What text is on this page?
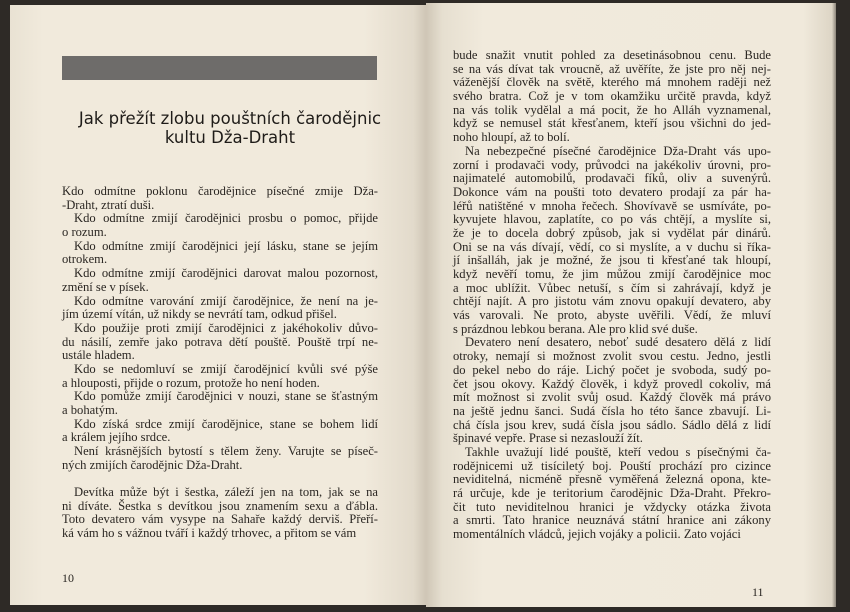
Jak přežít zlobu pouštních čarodějnic
kultu Dža-Draht
Kdo odmítne poklonu čarodějnice písečné zmije Dža-
-Draht, ztratí duši.
Kdo odmítne zmijí čarodějnici prosbu o pomoc, přijde
o rozum.
Kdo odmítne zmijí čarodějnici její lásku, stane se jejím
otrokem.
Kdo odmítne zmijí čarodějnici darovat malou pozornost,
změní se v písek.
Kdo odmítne varování zmijí čarodějnice, že není na je-
jím území vítán, už nikdy se nevrátí tam, odkud přišel.
Kdo použije proti zmijí čarodějnici z jakéhokoliv důvo-
du násilí, zemře jako potrava dětí pouště. Pouště trpí ne-
ustále hladem.
Kdo se nedomluví se zmijí čarodějnicí kvůli své pýše
a hlouposti, přijde o rozum, protože ho není hoden.
Kdo pomůže zmijí čarodějnici v nouzi, stane se šťastným
a bohatým.
Kdo získá srdce zmijí čarodějnice, stane se bohem lidí
a králem jejího srdce.
Není krásnějších bytostí s tělem ženy. Varujte se píseč-
ných zmijích čarodějnic Dža-Draht.
Devítka může být i šestka, záleží jen na tom, jak se na
ni díváte. Šestka s devítkou jsou znamením sexu a ďábla.
Toto devatero vám vysype na Sahaře každý derviš. Přeří-
ká vám ho s vážnou tváří i každý trhovec, a přitom se vám
10
bude snažit vnutit pohled za desetinásobnou cenu. Bude
se na vás dívat tak vroucně, až uvěříte, že jste pro něj nej-
váženější člověk na světě, kterého má mnohem raději než
svého bratra. Což je v tom okamžiku určitě pravda, když
na vás tolik vydělal a má pocit, že ho Alláh vyznamenal,
když se nemusel stát křesťanem, kteří jsou všichni do jed-
noho hloupí, až to bolí.
Na nebezpečné písečné čarodějnice Dža-Draht vás upo-
zorní i prodavači vody, průvodci na jakékoliv úrovni, pro-
najimatelé automobilů, prodavači fíků, oliv a suvenýrů.
Dokonce vám na poušti toto devatero prodají za pár ha-
léřů natištěné v mnoha řečech. Shovívavě se usmíváte, po-
kyvujete hlavou, zaplatíte, co po vás chtějí, a myslíte si,
že je to docela dobrý způsob, jak si vydělat pár dinárů.
Oni se na vás dívají, vědí, co si myslíte, a v duchu si říka-
jí inšalláh, jak je možné, že jsou ti křesťané tak hloupí,
když nevěří tomu, že jim můžou zmijí čarodějnice moc
a moc ublížit. Vůbec netuší, s čím si zahrávají, když je
chtějí najít. A pro jistotu vám znovu opakují devatero, aby
vás varovali. Ne proto, abyste uvěřili. Vědí, že mluví
s prázdnou lebkou berana. Ale pro klid své duše.
Devatero není desatero, neboť sudé desatero dělá z lidí
otroky, nemají si možnost zvolit svou cestu. Jedno, jestli
do pekel nebo do ráje. Lichý počet je svoboda, sudý po-
čet jsou okovy. Každý člověk, i když provedl cokoliv, má
mít možnost si zvolit svůj osud. Každý člověk má právo
na ještě jednu šanci. Sudá čísla ho této šance zbavují. Li-
chá čísla jsou krev, sudá čísla jsou sádlo. Sádlo dělá z lidí
špinavé vepře. Prase si nezaslouží žít.
Takhle uvažují lidé pouště, kteří vedou s písečnými ča-
rodějnicemi už tisíciletý boj. Pouští prochází pro cizince
neviditelná, nicméně přesně vyměřená železná opona, kte-
rá určuje, kde je teritorium čarodějnic Dža-Draht. Překro-
čit tuto neviditelnou hranici je vždycky otázka života
a smrti. Tato hranice neuznává státní hranice ani zákony
momentálních vládců, jejich vojáky a policii. Zato vojáci
11
